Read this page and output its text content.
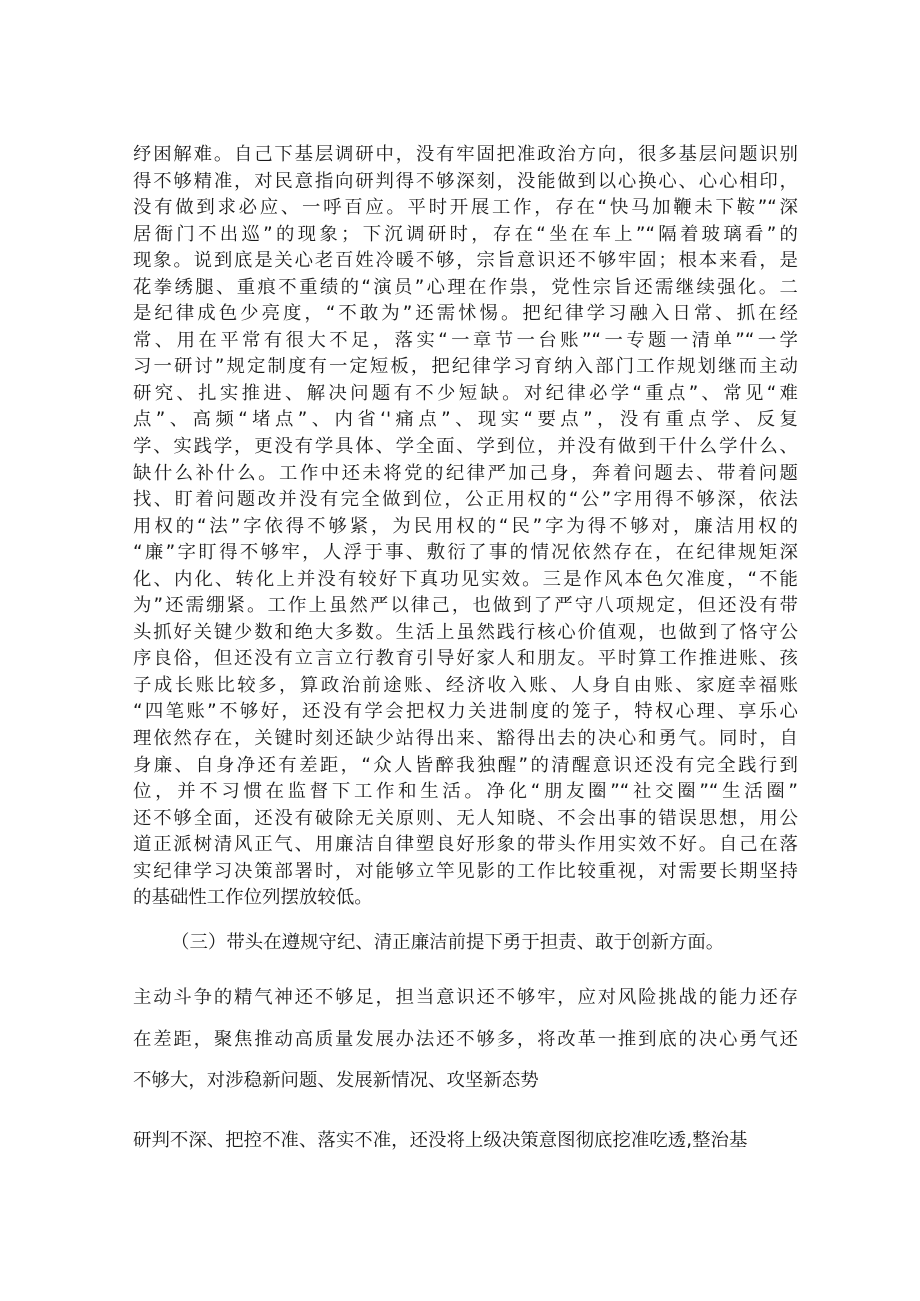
纾困解难。自己下基层调研中，没有牢固把准政治方向，很多基层问题识别
得不够精准，对民意指向研判得不够深刻，没能做到以心换心、心心相印，
没有做到求必应、一呼百应。平时开展工作，存在“快马加鞭未下鞍”“深
居衙门不出巡”的现象；下沉调研时，存在“坐在车上”“隔着玻璃看”的
现象。说到底是关心老百姓冷暖不够，宗旨意识还不够牢固；根本来看，是
花拳绣腿、重痕不重绩的“演员”心理在作祟，党性宗旨还需继续强化。二
是纪律成色少亮度，“不敢为”还需怵惕。把纪律学习融入日常、抓在经
常、用在平常有很大不足，落实“一章节一台账”“一专题一清单”“一学
习一研讨”规定制度有一定短板，把纪律学习育纳入部门工作规划继而主动
研究、扎实推进、解决问题有不少短缺。对纪律必学“重点”、常见“难
点”、高频“堵点”、内省‘'痛点”、现实“要点”，没有重点学、反复
学、实践学，更没有学具体、学全面、学到位，并没有做到干什么学什么、
缺什么补什么。工作中还未将党的纪律严加己身，奔着问题去、带着问题
找、盯着问题改并没有完全做到位，公正用权的“公”字用得不够深，依法
用权的“法”字依得不够紧，为民用权的“民”字为得不够对，廉洁用权的
“廉”字盯得不够牢，人浮于事、敷衍了事的情况依然存在，在纪律规矩深
化、内化、转化上并没有较好下真功见实效。三是作风本色欠准度，“不能
为”还需绷紧。工作上虽然严以律己，也做到了严守八项规定，但还没有带
头抓好关键少数和绝大多数。生活上虽然践行核心价值观，也做到了恪守公
序良俗，但还没有立言立行教育引导好家人和朋友。平时算工作推进账、孩
子成长账比较多，算政治前途账、经济收入账、人身自由账、家庭幸福账
“四笔账”不够好，还没有学会把权力关进制度的笼子，特权心理、享乐心
理依然存在，关键时刻还缺少站得出来、豁得出去的决心和勇气。同时，自
身廉、自身净还有差距，“众人皆醉我独醒”的清醒意识还没有完全践行到
位，并不习惯在监督下工作和生活。净化“朋友圈”“社交圈”“生活圈”
还不够全面，还没有破除无关原则、无人知晓、不会出事的错误思想，用公
道正派树清风正气、用廉洁自律塑良好形象的带头作用实效不好。自己在落
实纪律学习决策部署时，对能够立竿见影的工作比较重视，对需要长期坚持
的基础性工作位列摆放较低。
（三）带头在遵规守纪、清正廉洁前提下勇于担责、敢于创新方面。
主动斗争的精气神还不够足，担当意识还不够牢，应对风险挑战的能力还存
在差距，聚焦推动高质量发展办法还不够多，将改革一推到底的决心勇气还
不够大，对涉稳新问题、发展新情况、攻坚新态势
研判不深、把控不准、落实不准，还没将上级决策意图彻底挖准吃透,整治基
